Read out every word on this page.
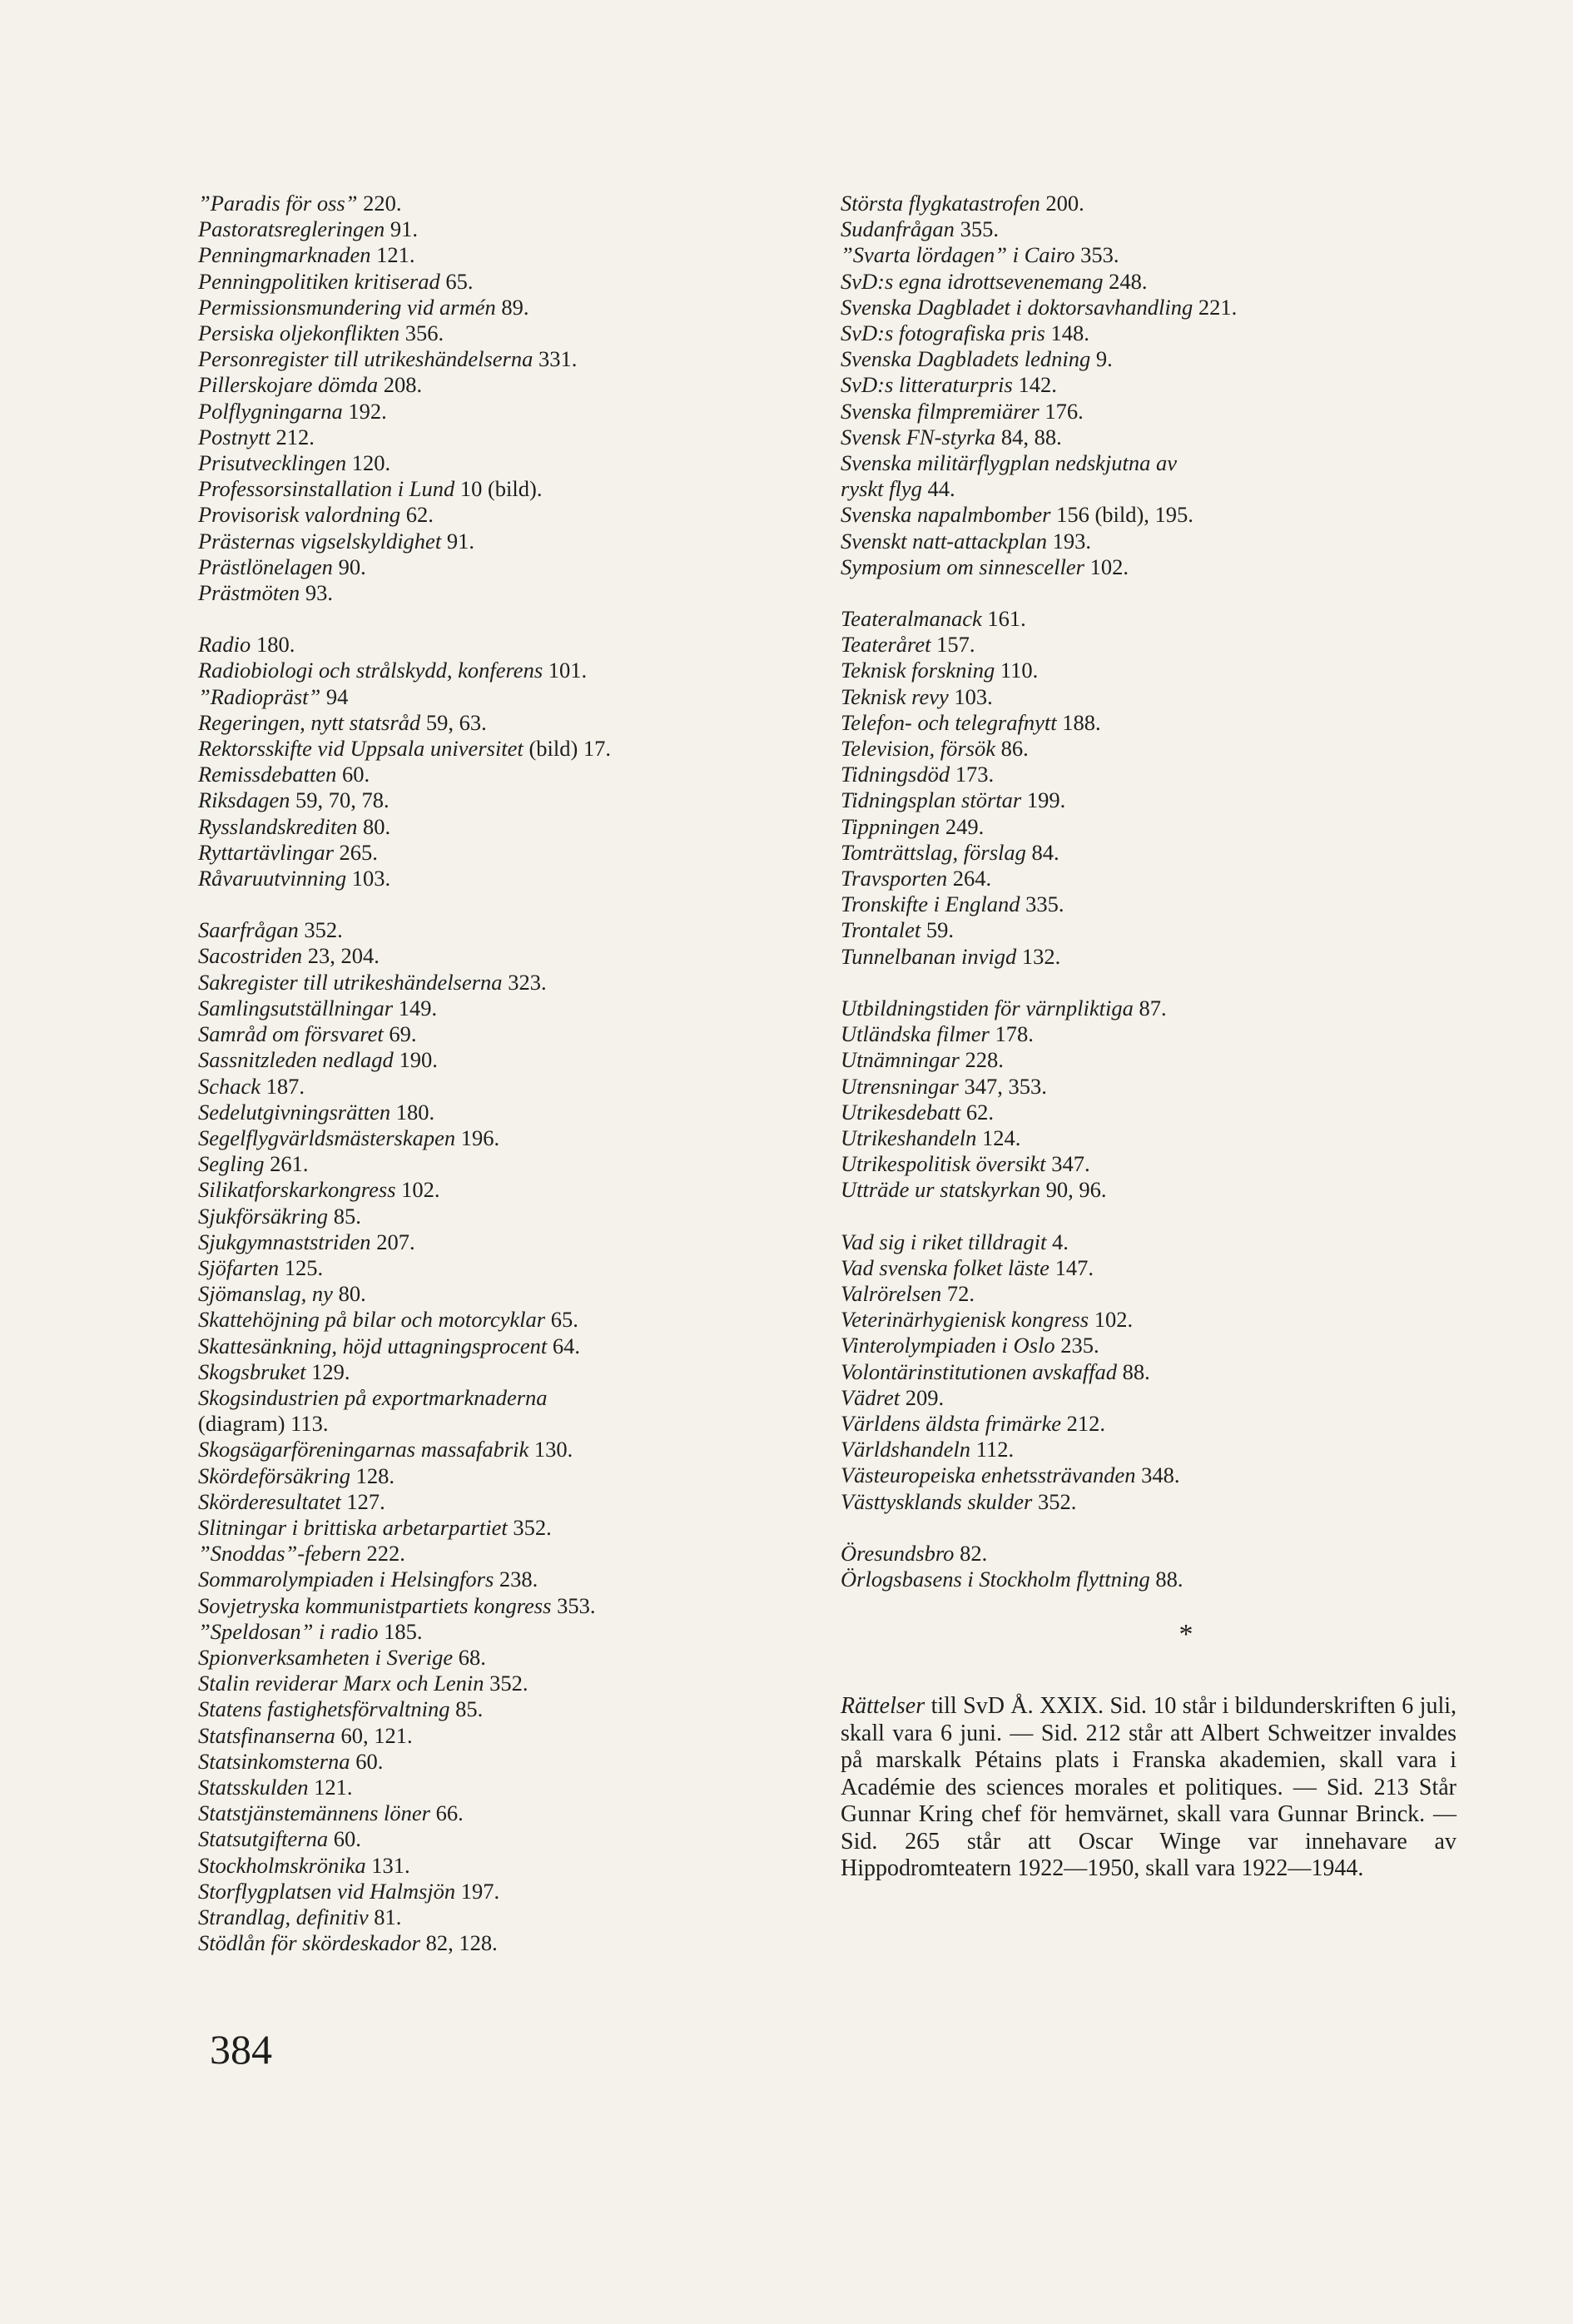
”Paradis för oss” 220.
Pastoratsregleringen 91.
Penningmarknaden 121.
Penningpolitiken kritiserad 65.
Permissionsmundering vid armén 89.
Persiska oljekonflikten 356.
Personregister till utrikeshändelserna 331.
Pillerskojare dömda 208.
Polflygningarna 192.
Postnytt 212.
Prisutvecklingen 120.
Professorsinstallation i Lund 10 (bild).
Provisorisk valordning 62.
Prästernas vigselskyldighet 91.
Prästlönelagen 90.
Prästmöten 93.
Radio 180.
Radiobiologi och strålskydd, konferens 101.
”Radiopräst” 94
Regeringen, nytt statsråd 59, 63.
Rektorsskifte vid Uppsala universitet (bild) 17.
Remissdebatten 60.
Riksdagen 59, 70, 78.
Rysslandskrediten 80.
Ryttartävlingar 265.
Råvaruutvinning 103.
Saarfrågan 352.
Sacostriden 23, 204.
Sakregister till utrikeshändelserna 323.
Samlingsutställningar 149.
Samråd om försvaret 69.
Sassnitzleden nedlagd 190.
Schack 187.
Sedelutgivningsrätten 180.
Segelflygvärldsmästerskapen 196.
Segling 261.
Silikatforskarkongress 102.
Sjukförsäkring 85.
Sjukgymnaststriden 207.
Sjöfarten 125.
Sjömanslag, ny 80.
Skattehöjning på bilar och motorcyklar 65.
Skattesänkning, höjd uttagningsprocent 64.
Skogsbruket 129.
Skogsindustrien på exportmarknaderna
(diagram) 113.
Skogsägarföreningarnas massafabrik 130.
Skördeförsäkring 128.
Skörderesultatet 127.
Slitningar i brittiska arbetarpartiet 352.
”Snoddas”-febern 222.
Sommarolympiaden i Helsingfors 238.
Sovjetryska kommunistpartiets kongress 353.
”Speldosan” i radio 185.
Spionverksamheten i Sverige 68.
Stalin reviderar Marx och Lenin 352.
Statens fastighetsförvaltning 85.
Statsfinanserna 60, 121.
Statsinkomsterna 60.
Statsskulden 121.
Statstjänstemännens löner 66.
Statsutgifterna 60.
Stockholmskrönika 131.
Storflygplatsen vid Halmsjön 197.
Strandlag, definitiv 81.
Stödlån för skördeskador 82, 128.
Största flygkatastrofen 200.
Sudanfrågan 355.
”Svarta lördagen” i Cairo 353.
SvD:s egna idrottsevenemang 248.
Svenska Dagbladet i doktorsavhandling 221.
SvD:s fotografiska pris 148.
Svenska Dagbladets ledning 9.
SvD:s litteraturpris 142.
Svenska filmpremiärer 176.
Svensk FN-styrka 84, 88.
Svenska militärflygplan nedskjutna av
ryskt flyg 44.
Svenska napalmbomber 156 (bild), 195.
Svenskt natt-attackplan 193.
Symposium om sinnesceller 102.
Teateralmanack 161.
Teateråret 157.
Teknisk forskning 110.
Teknisk revy 103.
Telefon- och telegrafnytt 188.
Television, försök 86.
Tidningsdöd 173.
Tidningsplan störtar 199.
Tippningen 249.
Tomträttslag, förslag 84.
Travsporten 264.
Tronskifte i England 335.
Trontalet 59.
Tunnelbanan invigd 132.
Utbildningstiden för värnpliktiga 87.
Utländska filmer 178.
Utnämningar 228.
Utrensningar 347, 353.
Utrikesdebatt 62.
Utrikeshandeln 124.
Utrikespolitisk översikt 347.
Utträde ur statskyrkan 90, 96.
Vad sig i riket tilldragit 4.
Vad svenska folket läste 147.
Valrörelsen 72.
Veterinärhygienisk kongress 102.
Vinterolympiaden i Oslo 235.
Volontärinstitutionen avskaffad 88.
Vädret 209.
Världens äldsta frimärke 212.
Världshandeln 112.
Västeuropeiska enhetssträvanden 348.
Västtysklands skulder 352.
Öresundsbro 82.
Örlogsbasens i Stockholm flyttning 88.
*
Rättelser till SvD Å. XXIX. Sid. 10 står i bildunderskriften 6 juli, skall vara 6 juni. — Sid. 212 står att Albert Schweitzer invaldes på marskalk Pétains plats i Franska akademien, skall vara i Académie des sciences morales et politiques. — Sid. 213 Står Gunnar Kring chef för hemvärnet, skall vara Gunnar Brinck. — Sid. 265 står att Oscar Winge var innehavare av Hippodromteatern 1922—1950, skall vara 1922—1944.
384
